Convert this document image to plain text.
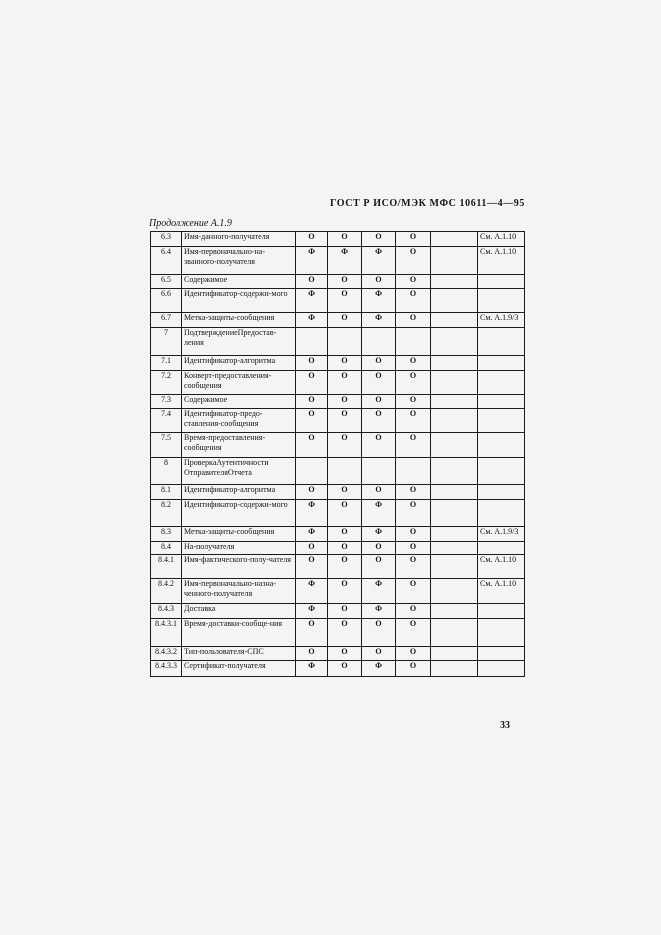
ГОСТ Р ИСО/МЭК МФС 10611—4—95
Продолжение А.1.9
6.3	Имя-данного-получателя	О	О	О	О		См. А.1.10
6.4	Имя-первоначально-на-званного-получателя	Ф	Ф	Ф	О		См. А.1.10
6.5	Содержимое	О	О	О	О		
6.6	Идентификатор-содержи-мого	Ф	О	Ф	О		
6.7	Метка-защиты-сообщения	Ф	О	Ф	О		См. А.1.9/3
7	ПодтверждениеПредостав-ления						
7.1	Идентификатор-алгоритма	О	О	О	О		
7.2	Конверт-предоставления-сообщения	О	О	О	О		
7.3	Содержимое	О	О	О	О		
7.4	Идентификатор-предо-ставления-сообщения	О	О	О	О		
7.5	Время-предоставления-сообщения	О	О	О	О		
8	ПроверкаАутентичности ОтправителяОтчета						
8.1	Идентификатор-алгоритма	О	О	О	О		
8.2	Идентификатор-содержи-мого	Ф	О	Ф	О		
8.3	Метка-защиты-сообщения	Ф	О	Ф	О		См. А.1.9/3
8.4	На-получателя	О	О	О	О		
8.4.1	Имя-фактического-полу-чателя	О	О	О	О		См. А.1.10
8.4.2	Имя-первоначально-назна-ченного-получателя	Ф	О	Ф	О		См. А.1.10
8.4.3	Доставка	Ф	О	Ф	О		
8.4.3.1	Время-доставки-сообще-ния	О	О	О	О		
8.4.3.2	Тип-пользователя-СПС	О	О	О	О		
8.4.3.3	Сертификат-получателя	Ф	О	Ф	О		
33
